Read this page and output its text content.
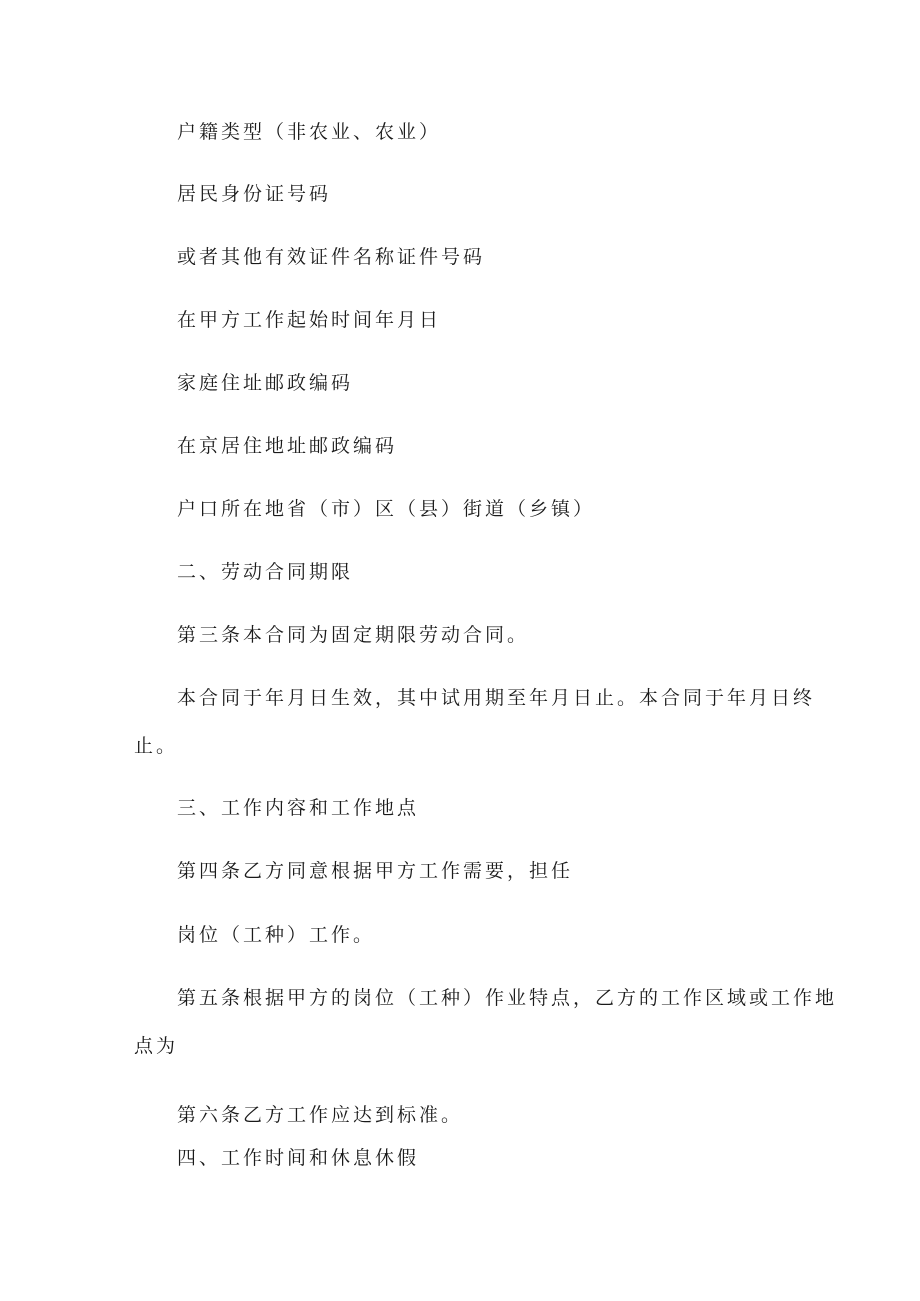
户籍类型（非农业、农业）
居民身份证号码
或者其他有效证件名称证件号码
在甲方工作起始时间年月日
家庭住址邮政编码
在京居住地址邮政编码
户口所在地省（市）区（县）街道（乡镇）
二、劳动合同期限
第三条本合同为固定期限劳动合同。
本合同于年月日生效，其中试用期至年月日止。本合同于年月日终
止。
三、工作内容和工作地点
第四条乙方同意根据甲方工作需要，担任
岗位（工种）工作。
第五条根据甲方的岗位（工种）作业特点，乙方的工作区域或工作地
点为
第六条乙方工作应达到标准。
四、工作时间和休息休假
